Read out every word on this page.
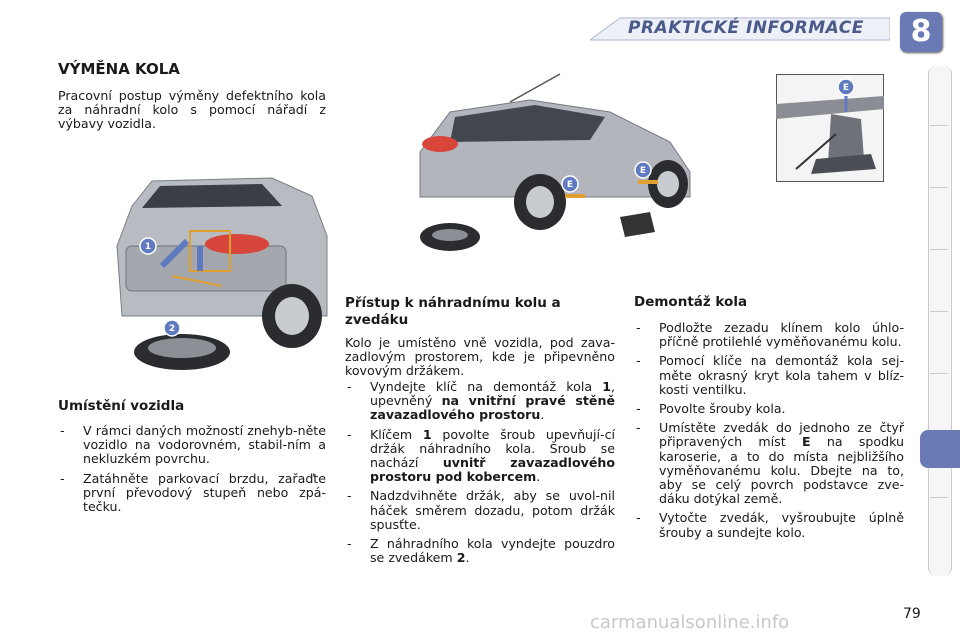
PRAKTICKÉ INFORMACE	8
VÝMĚNA KOLA
Pracovní postup výměny defektního kola za náhradní kolo s pomocí nářadí z výbavy vozidla.
1
2
E
E
E
Umístění vozidla
- V rámci daných možností znehyb-něte vozidlo na vodorovném, stabil-ním a nekluzkém povrchu.
- Zatáhněte parkovací brzdu, zařaďte první převodový stupeň nebo zpá-tečku.
Přístup k náhradnímu kolu a zvedáku
Kolo je umístěno vně vozidla, pod zava-zadlovým prostorem, kde je připevněno kovovým držákem.
- Vyndejte klíč na demontáž kola 1, upevněný na vnitřní pravé stěně zavazadlového prostoru.
- Klíčem 1 povolte šroub upevňují-cí držák náhradního kola. Šroub se nachází uvnitř zavazadlového prostoru pod kobercem.
- Nadzdvihněte držák, aby se uvol-nil háček směrem dozadu, potom držák spusťte.
- Z náhradního kola vyndejte pouzdro se zvedákem 2.
Demontáž kola
- Podložte zezadu klínem kolo úhlo-příčně protilehlé vyměňovanému kolu.
- Pomocí klíče na demontáž kola sej-měte okrasný kryt kola tahem v blíz-kosti ventilku.
- Povolte šrouby kola.
- Umístěte zvedák do jednoho ze čtyř připravených míst E na spodku karoserie, a to do místa nejbližšího vyměňovanému kolu. Dbejte na to, aby se celý povrch podstavce zve-dáku dotýkal země.
- Vytočte zvedák, vyšroubujte úplně šrouby a sundejte kolo.
carmanualsonline.info	79
